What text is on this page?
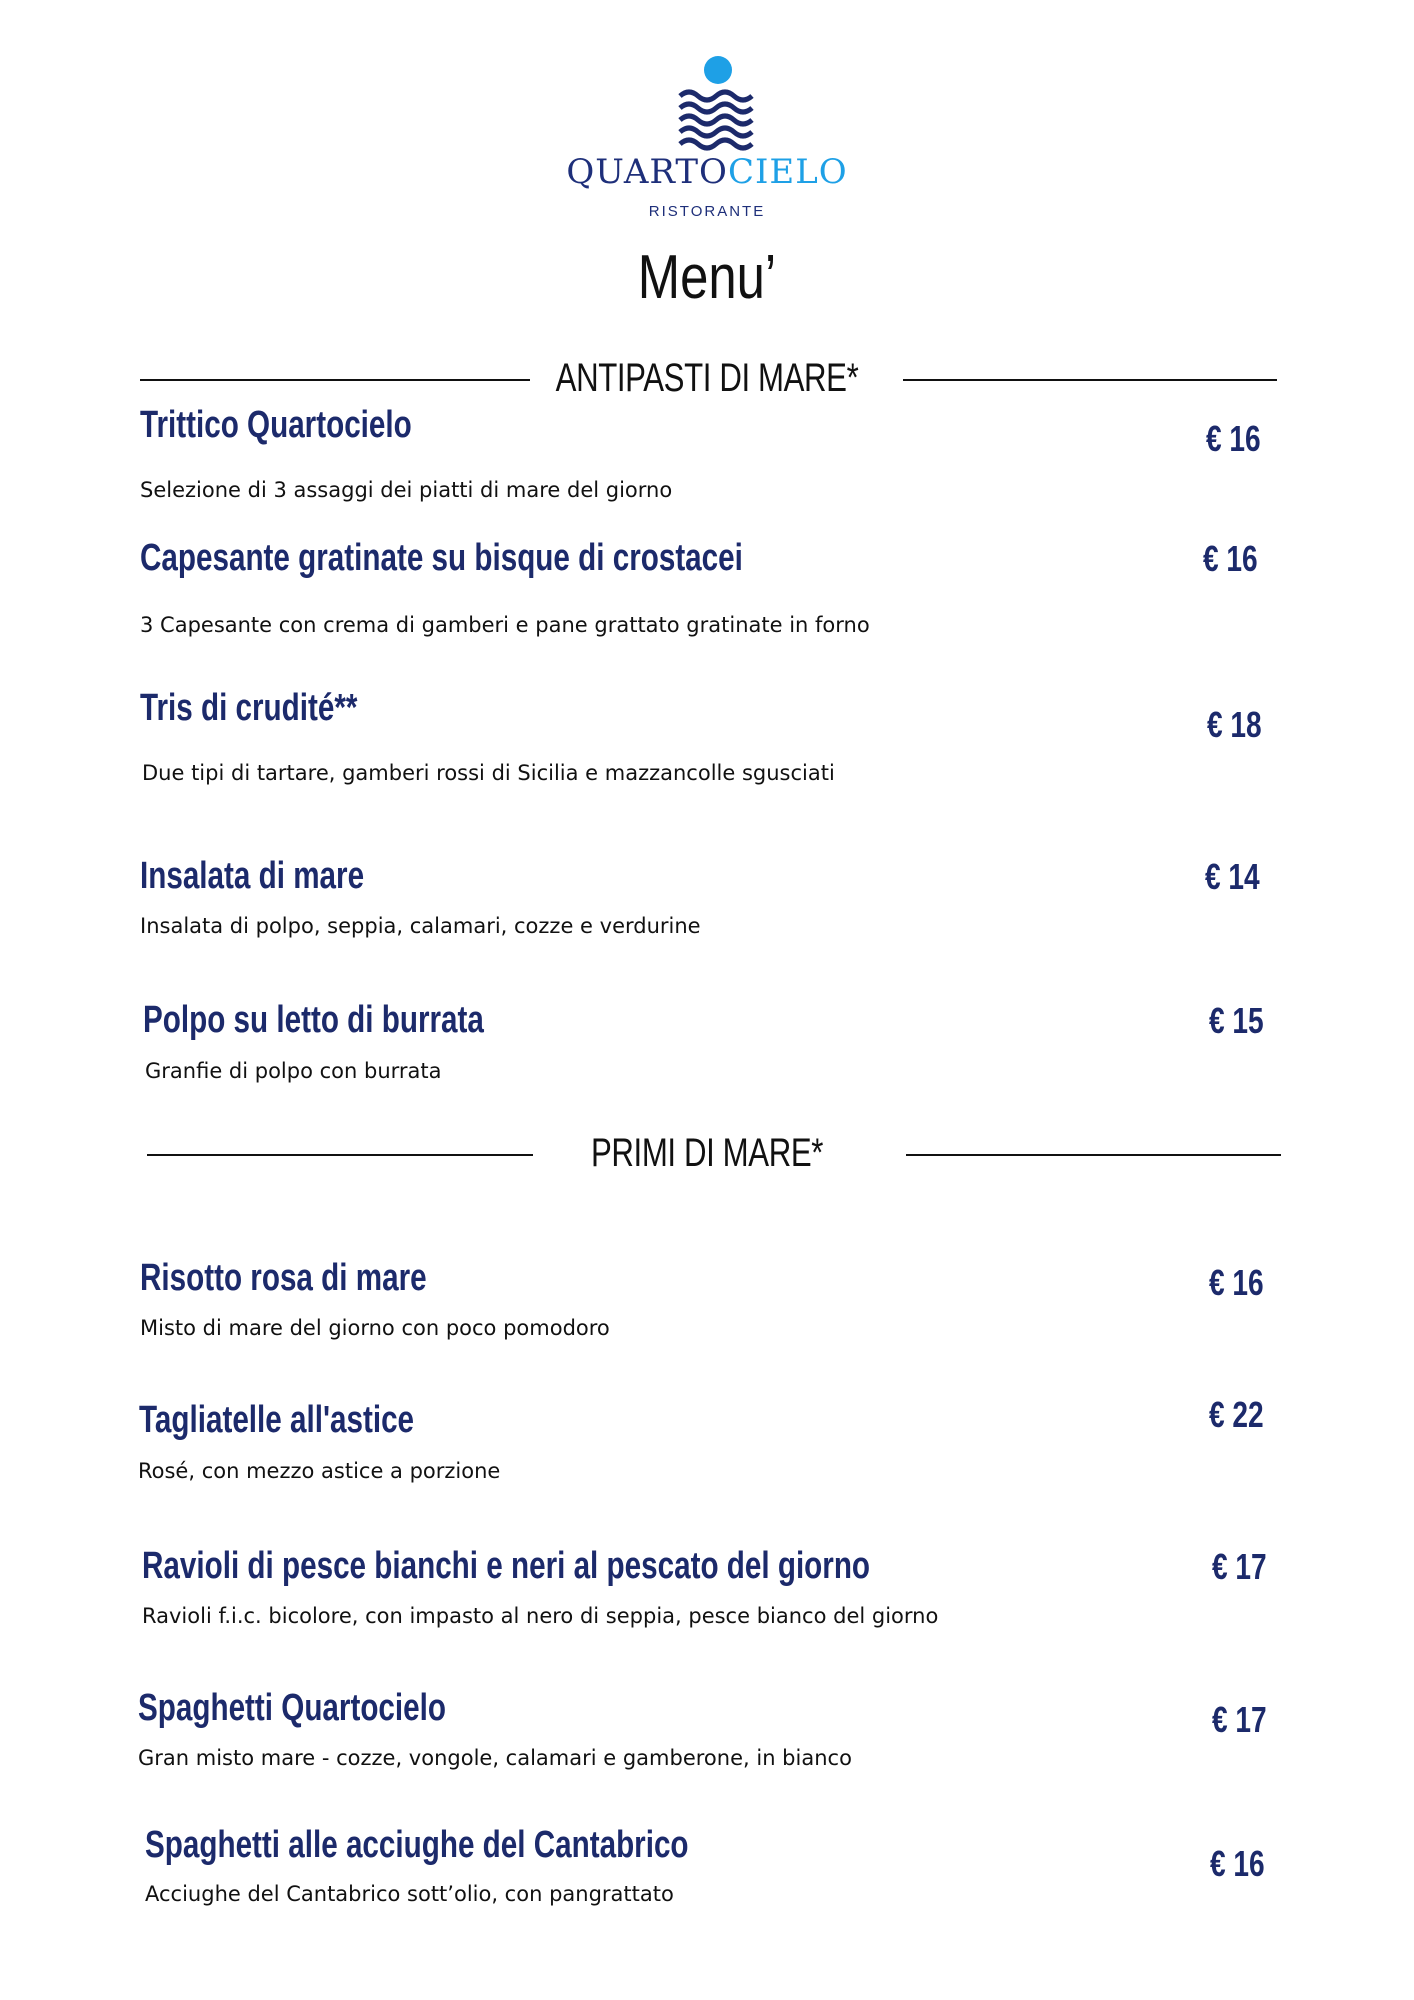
QUARTOCIELO
RISTORANTE
Menu’
ANTIPASTI DI MARE*
Trittico Quartocielo	€ 16
Selezione di 3 assaggi dei piatti di mare del giorno
Capesante gratinate su bisque di crostacei	€ 16
3 Capesante con crema di gamberi e pane grattato gratinate in forno
Tris di crudité**	€ 18
Due tipi di tartare, gamberi rossi di Sicilia e mazzancolle sgusciati
Insalata di mare	€ 14
Insalata di polpo, seppia, calamari, cozze e verdurine
Polpo su letto di burrata	€ 15
Granfie di polpo con burrata
PRIMI DI MARE*
Risotto rosa di mare	€ 16
Misto di mare del giorno con poco pomodoro
Tagliatelle all'astice	€ 22
Rosé, con mezzo astice a porzione
Ravioli di pesce bianchi e neri al pescato del giorno	€ 17
Ravioli f.i.c. bicolore, con impasto al nero di seppia, pesce bianco del giorno
Spaghetti Quartocielo	€ 17
Gran misto mare - cozze, vongole, calamari e gamberone, in bianco
Spaghetti alle acciughe del Cantabrico	€ 16
Acciughe del Cantabrico sott’olio, con pangrattato
